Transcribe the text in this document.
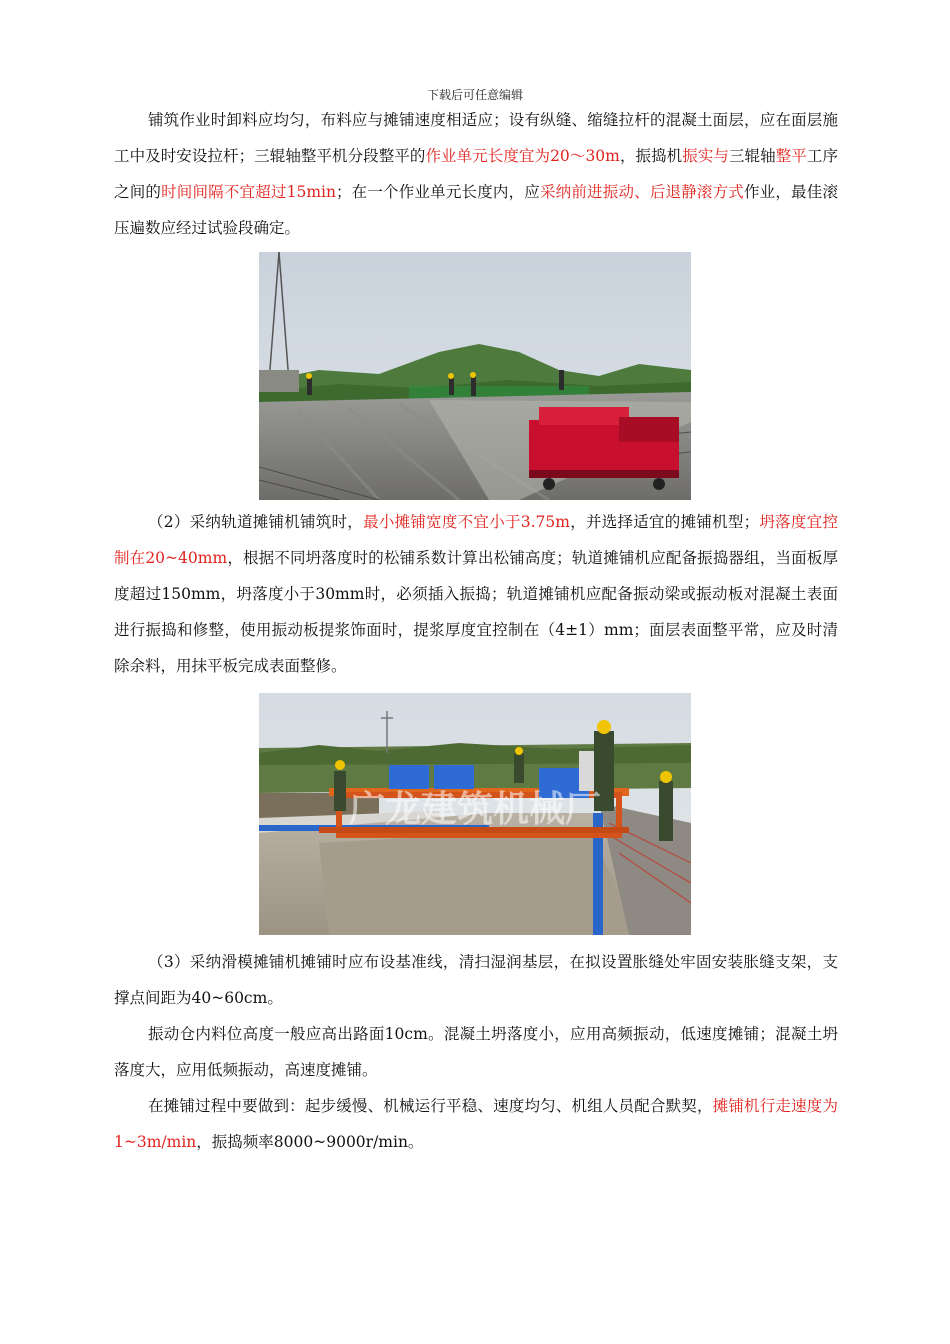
下载后可任意编辑

铺筑作业时卸料应均匀，布料应与摊铺速度相适应；设有纵缝、缩缝拉杆的混凝土面层，应在面层施工中及时安设拉杆；三辊轴整平机分段整平的作业单元长度宜为20～30m，振捣机振实与三辊轴整平工序之间的时间间隔不宜超过15min；在一个作业单元长度内，应采纳前进振动、后退静滚方式作业，最佳滚压遍数应经过试验段确定。

（2）采纳轨道摊铺机铺筑时，最小摊铺宽度不宜小于3.75m，并选择适宜的摊铺机型；坍落度宜控制在20~40mm，根据不同坍落度时的松铺系数计算出松铺高度；轨道摊铺机应配备振捣器组，当面板厚度超过150mm，坍落度小于30mm时，必须插入振捣；轨道摊铺机应配备振动梁或振动板对混凝土表面进行振捣和修整，使用振动板提浆饰面时，提浆厚度宜控制在（4±1）mm；面层表面整平常，应及时清除余料，用抹平板完成表面整修。

广龙建筑机械厂

（3）采纳滑模摊铺机摊铺时应布设基准线，清扫湿润基层，在拟设置胀缝处牢固安装胀缝支架，支撑点间距为40~60cm。

振动仓内料位高度一般应高出路面10cm。混凝土坍落度小，应用高频振动，低速度摊铺；混凝土坍落度大，应用低频振动，高速度摊铺。

在摊铺过程中要做到：起步缓慢、机械运行平稳、速度均匀、机组人员配合默契，摊铺机行走速度为1~3m/min，振捣频率8000~9000r/min。
